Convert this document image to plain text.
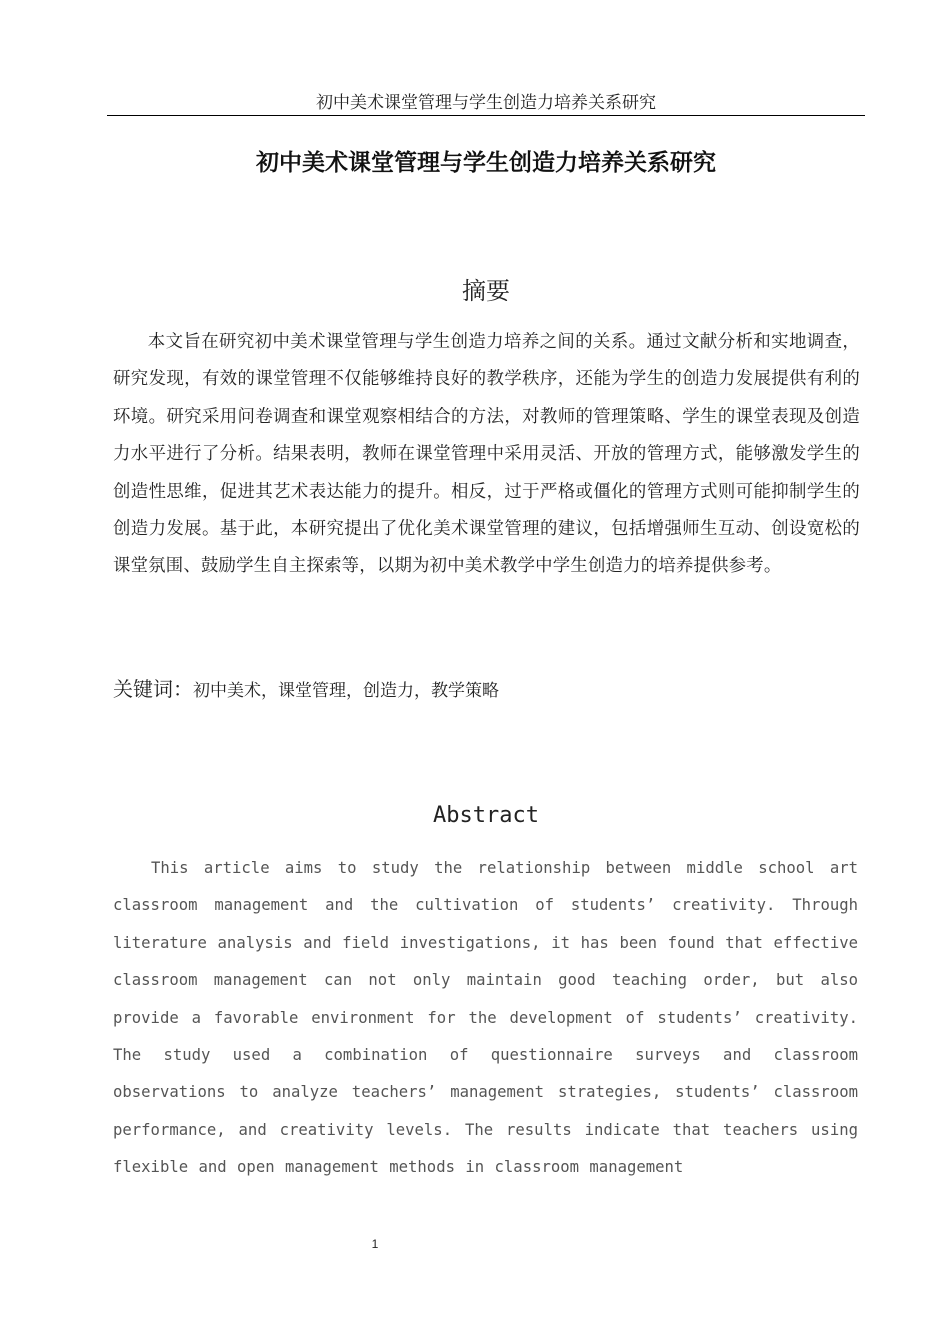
初中美术课堂管理与学生创造力培养关系研究
初中美术课堂管理与学生创造力培养关系研究
摘要

本文旨在研究初中美术课堂管理与学生创造力培养之间的关系。通过文献分析和实地调查，研究发现，有效的课堂管理不仅能够维持良好的教学秩序，还能为学生的创造力发展提供有利的环境。研究采用问卷调查和课堂观察相结合的方法，对教师的管理策略、学生的课堂表现及创造力水平进行了分析。结果表明，教师在课堂管理中采用灵活、开放的管理方式，能够激发学生的创造性思维，促进其艺术表达能力的提升。相反，过于严格或僵化的管理方式则可能抑制学生的创造力发展。基于此，本研究提出了优化美术课堂管理的建议，包括增强师生互动、创设宽松的课堂氛围、鼓励学生自主探索等，以期为初中美术教学中学生创造力的培养提供参考。

关键词：初中美术，课堂管理，创造力，教学策略
Abstract

This article aims to study the relationship between middle school art classroom management and the cultivation of students’ creativity. Through literature analysis and field investigations, it has been found that effective classroom management can not only maintain good teaching order, but also provide a favorable environment for the development of students’ creativity. The study used a combination of questionnaire surveys and classroom observations to analyze teachers’ management strategies, students’ classroom performance, and creativity levels. The results indicate that teachers using flexible and open management methods in classroom management

1
